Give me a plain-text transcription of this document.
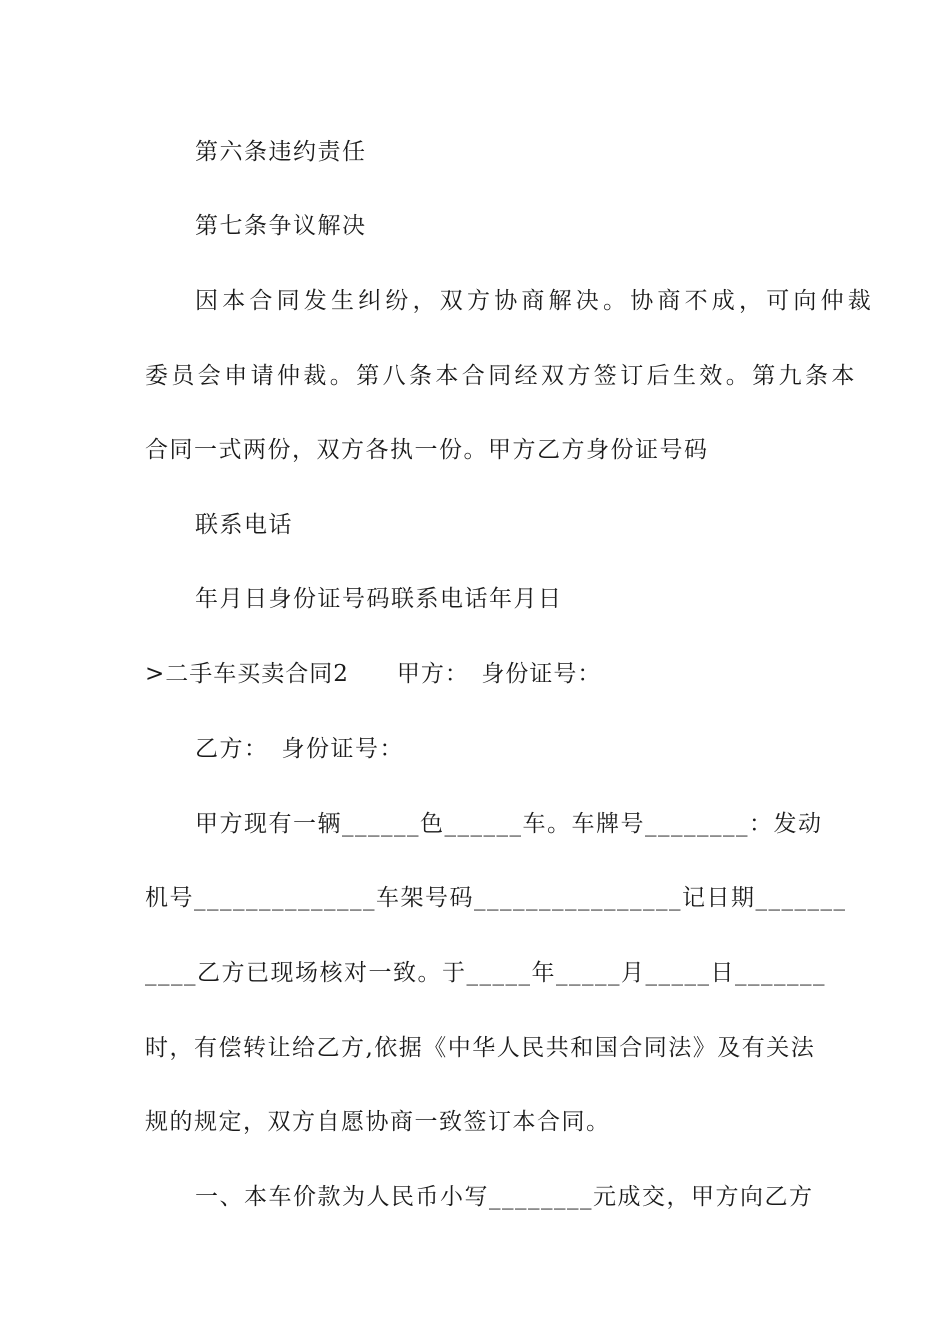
第六条违约责任
第七条争议解决
因本合同发生纠纷，双方协商解决。协商不成，可向仲裁
委员会申请仲裁。第八条本合同经双方签订后生效。第九条本
合同一式两份，双方各执一份。甲方乙方身份证号码
联系电话
年月日身份证号码联系电话年月日
>二手车买卖合同2　　甲方：　身份证号：
乙方：　身份证号：
甲方现有一辆______色______车。车牌号________：发动
机号______________车架号码________________记日期_______
____乙方已现场核对一致。于_____年_____月_____日_______
时，有偿转让给乙方,依据《中华人民共和国合同法》及有关法
规的规定，双方自愿协商一致签订本合同。
一、本车价款为人民币小写________元成交，甲方向乙方
